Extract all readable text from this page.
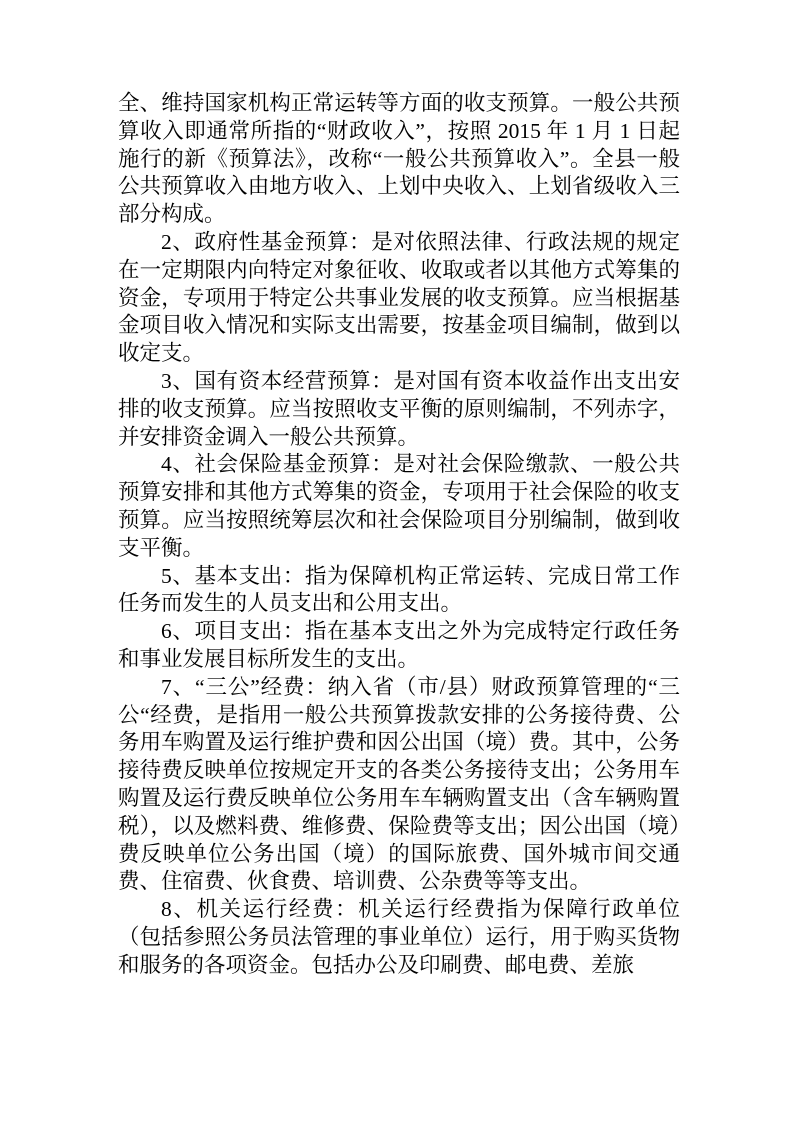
全、维持国家机构正常运转等方面的收支预算。一般公共预算收入即通常所指的“财政收入”，按照 2015 年 1 月 1 日起施行的新《预算法》，改称“一般公共预算收入”。全县一般公共预算收入由地方收入、上划中央收入、上划省级收入三部分构成。

2、政府性基金预算：是对依照法律、行政法规的规定在一定期限内向特定对象征收、收取或者以其他方式筹集的资金，专项用于特定公共事业发展的收支预算。应当根据基金项目收入情况和实际支出需要，按基金项目编制，做到以收定支。

3、国有资本经营预算：是对国有资本收益作出支出安排的收支预算。应当按照收支平衡的原则编制，不列赤字，并安排资金调入一般公共预算。

4、社会保险基金预算：是对社会保险缴款、一般公共预算安排和其他方式筹集的资金，专项用于社会保险的收支预算。应当按照统筹层次和社会保险项目分别编制，做到收支平衡。

5、基本支出：指为保障机构正常运转、完成日常工作任务而发生的人员支出和公用支出。

6、项目支出：指在基本支出之外为完成特定行政任务和事业发展目标所发生的支出。

7、“三公”经费：纳入省（市/县）财政预算管理的“三公“经费，是指用一般公共预算拨款安排的公务接待费、公务用车购置及运行维护费和因公出国（境）费。其中，公务接待费反映单位按规定开支的各类公务接待支出；公务用车购置及运行费反映单位公务用车车辆购置支出（含车辆购置税），以及燃料费、维修费、保险费等支出；因公出国（境）费反映单位公务出国（境）的国际旅费、国外城市间交通费、住宿费、伙食费、培训费、公杂费等等支出。

8、机关运行经费：机关运行经费指为保障行政单位（包括参照公务员法管理的事业单位）运行，用于购买货物和服务的各项资金。包括办公及印刷费、邮电费、差旅
